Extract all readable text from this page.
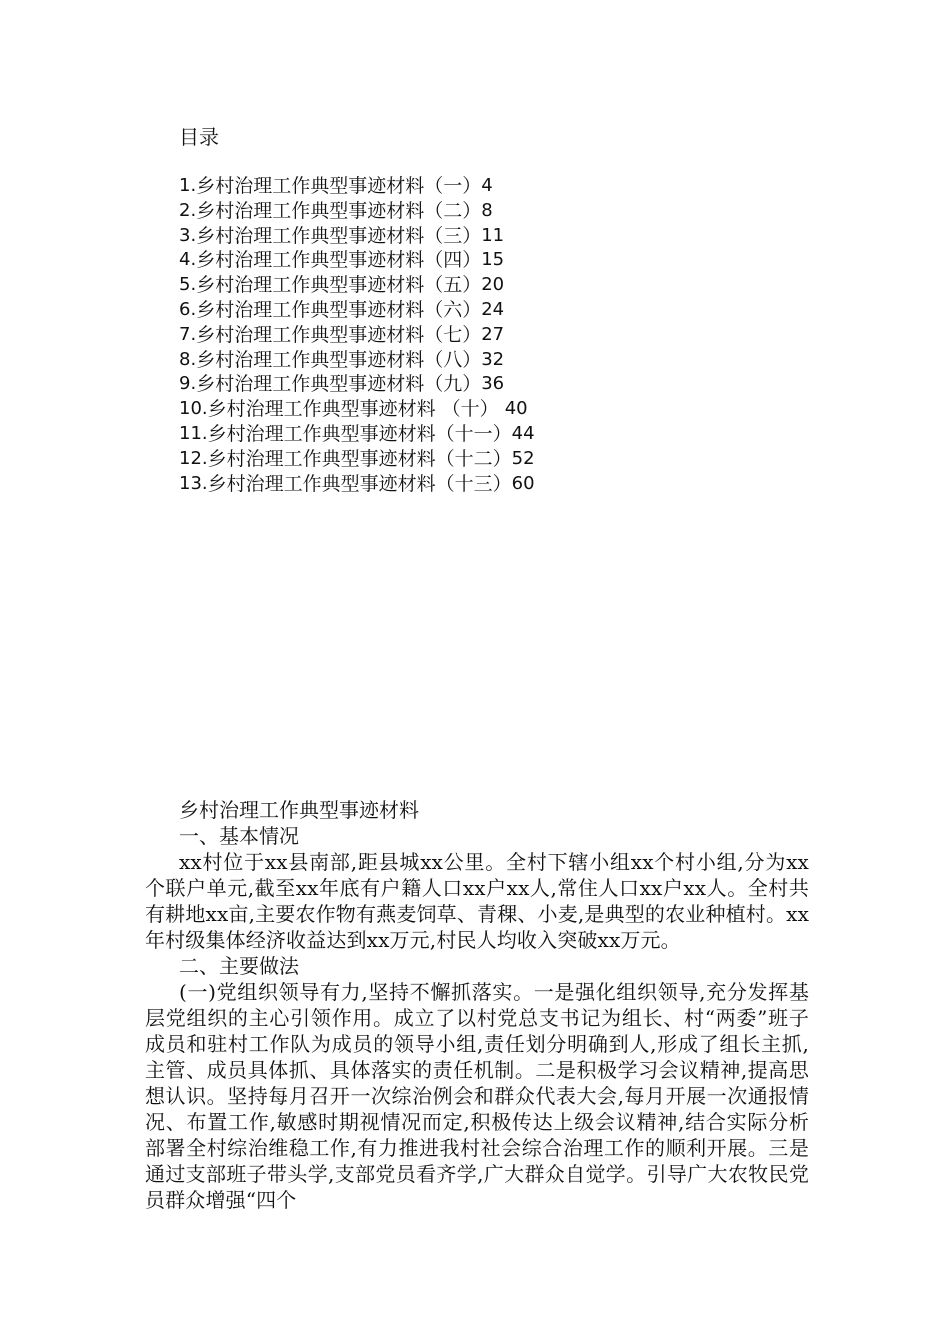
目录
1. 乡村治理工作典型事迹材料（一） 4
2. 乡村治理工作典型事迹材料（二） 8
3. 乡村治理工作典型事迹材料（三） 11
4. 乡村治理工作典型事迹材料（四） 15
5. 乡村治理工作典型事迹材料（五） 20
6. 乡村治理工作典型事迹材料（六） 24
7. 乡村治理工作典型事迹材料（七） 27
8. 乡村治理工作典型事迹材料（八） 32
9. 乡村治理工作典型事迹材料（九） 36
10. 乡村治理工作典型事迹材料 （十） 40
11. 乡村治理工作典型事迹材料（十一） 44
12. 乡村治理工作典型事迹材料（十二） 52
13. 乡村治理工作典型事迹材料（十三） 60
乡村治理工作典型事迹材料
一、基本情况

xx村位于xx县南部,距县城xx公里。全村下辖小组xx个村小组,分为xx个联户单元,截至xx年底有户籍人口xx户xx人,常住人口xx户xx人。全村共有耕地xx亩,主要农作物有燕麦饲草、青稞、小麦,是典型的农业种植村。xx年村级集体经济收益达到xx万元,村民人均收入突破xx万元。

二、主要做法

(一)党组织领导有力,坚持不懈抓落实。一是强化组织领导,充分发挥基层党组织的主心引领作用。成立了以村党总支书记为组长、村“两委”班子成员和驻村工作队为成员的领导小组,责任划分明确到人,形成了组长主抓,主管、成员具体抓、具体落实的责任机制。二是积极学习会议精神,提高思想认识。坚持每月召开一次综治例会和群众代表大会,每月开展一次通报情况、布置工作,敏感时期视情况而定,积极传达上级会议精神,结合实际分析部署全村综治维稳工作,有力推进我村社会综合治理工作的顺利开展。三是通过支部班子带头学,支部党员看齐学,广大群众自觉学。引导广大农牧民党员群众增强“四个
